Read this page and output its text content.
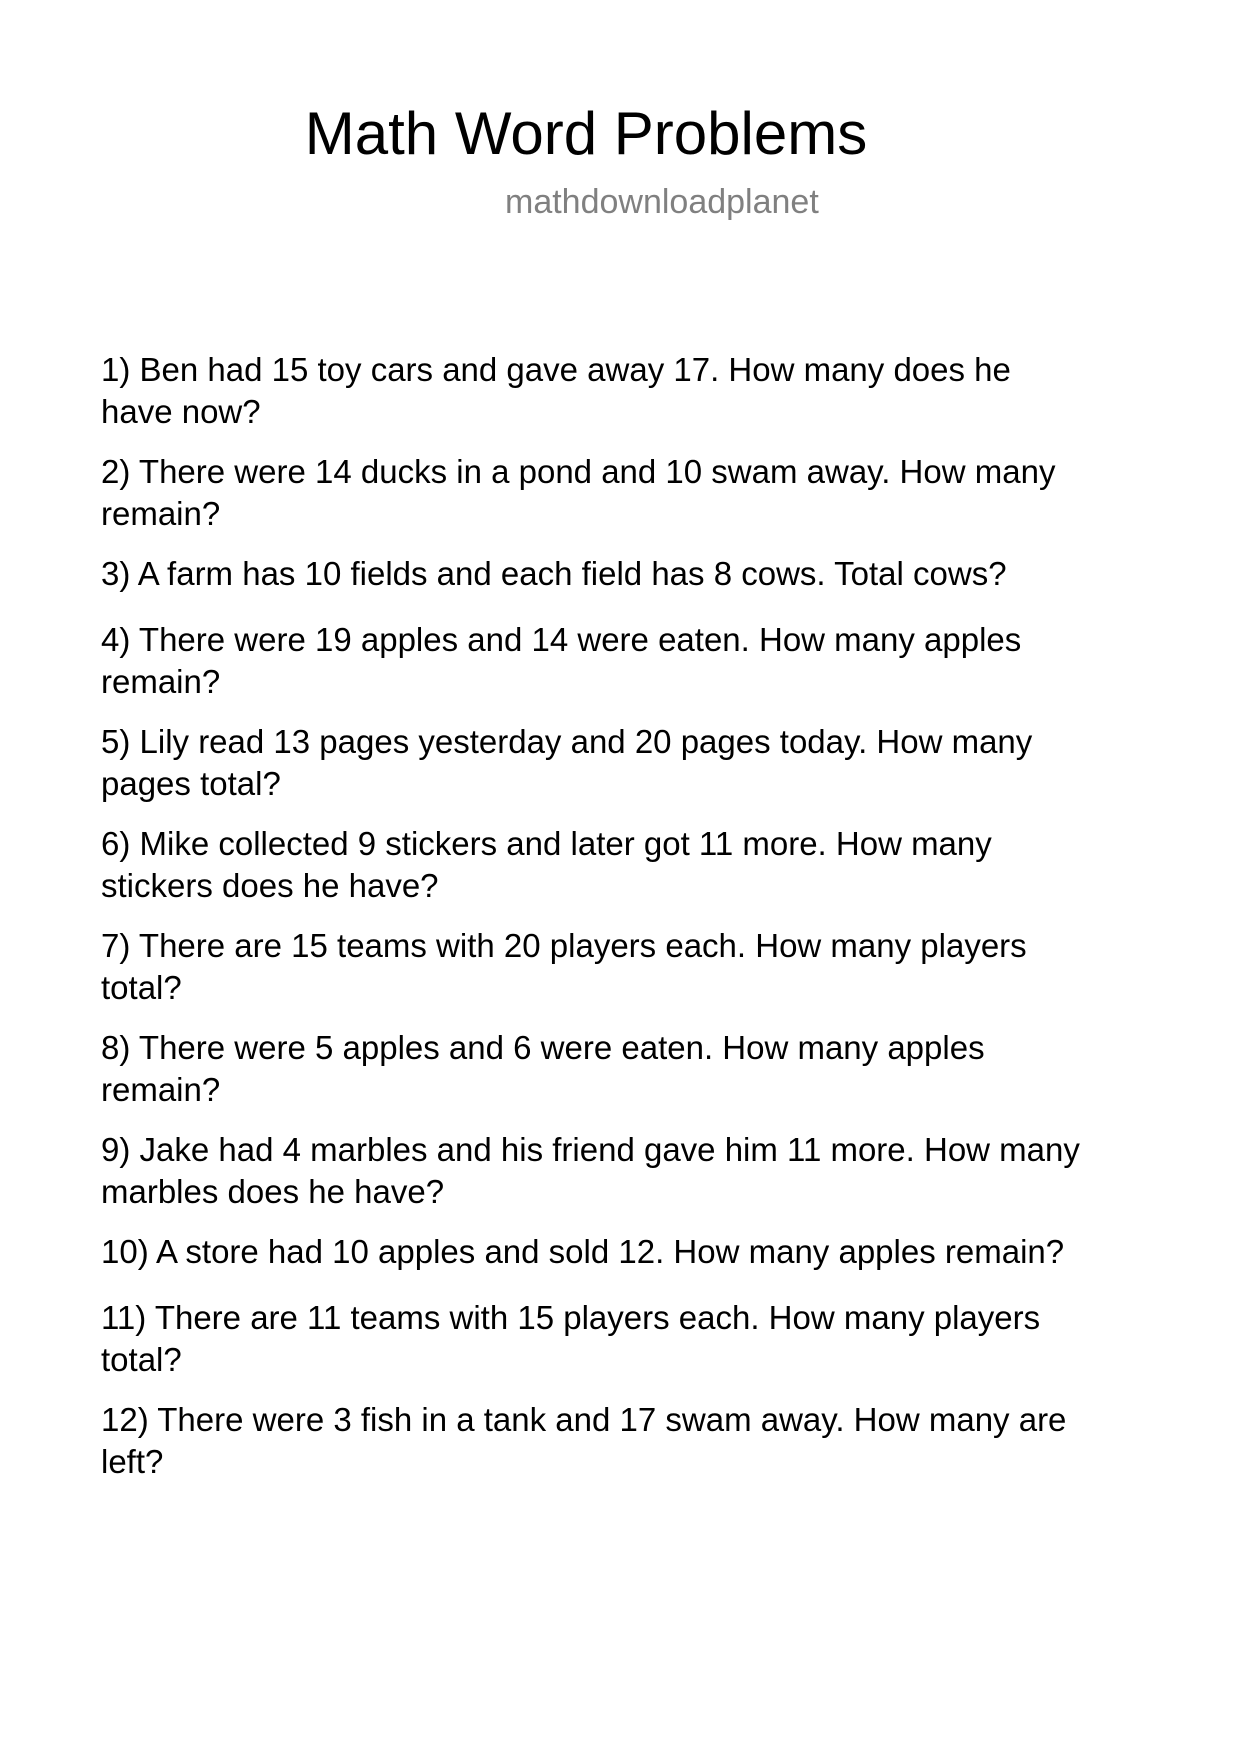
Math Word Problems

mathdownloadplanet

1) Ben had 15 toy cars and gave away 17. How many does he
have now?
2) There were 14 ducks in a pond and 10 swam away. How many
remain?
3) A farm has 10 fields and each field has 8 cows. Total cows?
4) There were 19 apples and 14 were eaten. How many apples
remain?
5) Lily read 13 pages yesterday and 20 pages today. How many
pages total?
6) Mike collected 9 stickers and later got 11 more. How many
stickers does he have?
7) There are 15 teams with 20 players each. How many players
total?
8) There were 5 apples and 6 were eaten. How many apples
remain?
9) Jake had 4 marbles and his friend gave him 11 more. How many
marbles does he have?
10) A store had 10 apples and sold 12. How many apples remain?
11) There are 11 teams with 15 players each. How many players
total?
12) There were 3 fish in a tank and 17 swam away. How many are
left?
